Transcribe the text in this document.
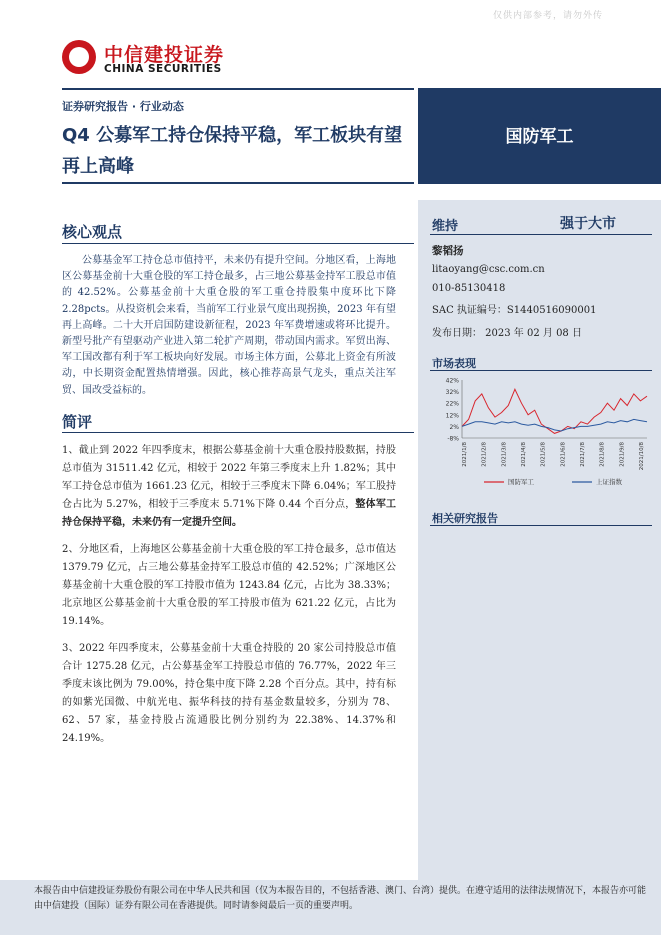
仅供内部参考，请勿外传
中信建投证券
CHINA SECURITIES
证券研究报告 · 行业动态
Q4 公募军工持仓保持平稳，军工板块有望再上高峰
国防军工
维持	强于大市
黎韬扬
litaoyang@csc.com.cn
010-85130418
SAC 执证编号：S1440516090001
发布日期： 2023 年 02 月 08 日
市场表现
42%
32%
22%
12%
2%
-8%
2021/1/8 2021/2/8 2021/3/8 2021/4/8 2021/5/8 2021/6/8 2021/7/8 2021/8/8 2021/9/8 2021/10/8
国防军工	上证指数
相关研究报告
核心观点
公募基金军工持仓总市值持平，未来仍有提升空间。分地区看，上海地区公募基金前十大重仓股的军工持仓最多，占三地公募基金持军工股总市值的 42.52%。公募基金前十大重仓股的军工重仓持股集中度环比下降 2.28pcts。从投资机会来看，当前军工行业景气度出现拐换，2023 年有望再上高峰。二十大开启国防建设新征程，2023 年军费增速或将环比提升。新型号批产有望驱动产业进入第二轮扩产周期，带动国内需求。军贸出海、军工国改都有利于军工板块向好发展。市场主体方面，公募北上资金有所波动，中长期资金配置热情增强。因此，核心推荐高景气龙头，重点关注军贸、国改受益标的。
简评
1、截止到 2022 年四季度末，根据公募基金前十大重仓股持股数据，持股总市值为 31511.42 亿元，相较于 2022 年第三季度末上升 1.82%；其中军工持仓总市值为 1661.23 亿元，相较于三季度末下降 6.04%；军工股持仓占比为 5.27%，相较于三季度末 5.71%下降 0.44 个百分点，整体军工持仓保持平稳，未来仍有一定提升空间。
2、分地区看，上海地区公募基金前十大重仓股的军工持仓最多，总市值达 1379.79 亿元，占三地公募基金持军工股总市值的 42.52%；广深地区公募基金前十大重仓股的军工持股市值为 1243.84 亿元，占比为 38.33%；北京地区公募基金前十大重仓股的军工持股市值为 621.22 亿元，占比为 19.14%。
3、2022 年四季度末，公募基金前十大重仓持股的 20 家公司持股总市值合计 1275.28 亿元，占公募基金军工持股总市值的 76.77%，2022 年三季度末该比例为 79.00%，持仓集中度下降 2.28 个百分点。其中，持有标的如紫光国微、中航光电、振华科技的持有基金数量较多，分别为 78、62、57 家，基金持股占流通股比例分别约为 22.38%、14.37%和 24.19%。
本报告由中信建投证券股份有限公司在中华人民共和国（仅为本报告目的，不包括香港、澳门、台湾）提供。在遵守适用的法律法规情况下，本报告亦可能由中信建投（国际）证券有限公司在香港提供。同时请参阅最后一页的重要声明。
